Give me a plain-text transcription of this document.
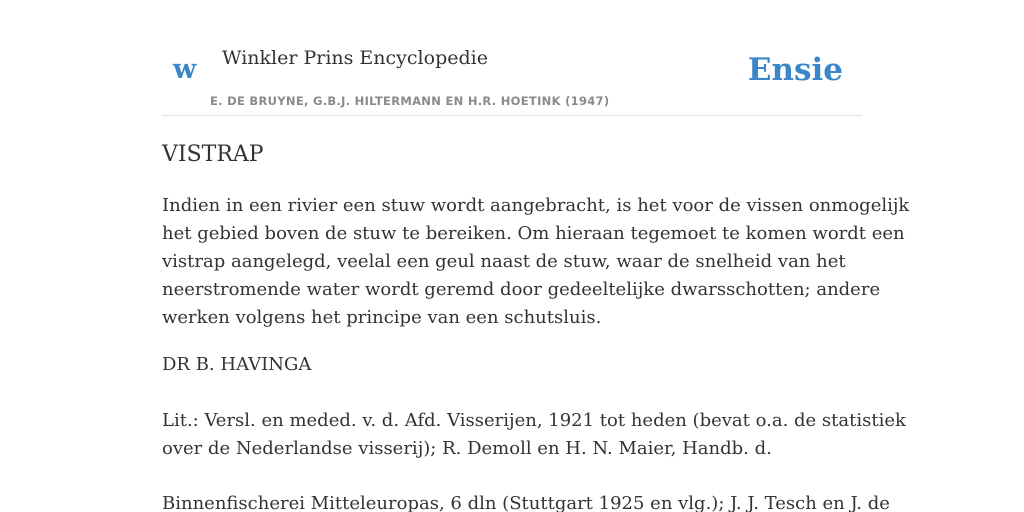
w Winkler Prins Encyclopedie
E. DE BRUYNE, G.B.J. HILTERMANN EN H.R. HOETINK (1947)
Ensie
VISTRAP

Indien in een rivier een stuw wordt aangebracht, is het voor de vissen onmogelijk
het gebied boven de stuw te bereiken. Om hieraan tegemoet te komen wordt een
vistrap aangelegd, veelal een geul naast de stuw, waar de snelheid van het
neerstromende water wordt geremd door gedeeltelijke dwarsschotten; andere
werken volgens het principe van een schutsluis.

DR B. HAVINGA

Lit.: Versl. en meded. v. d. Afd. Visserijen, 1921 tot heden (bevat o.a. de statistiek
over de Nederlandse visserij); R. Demoll en H. N. Maier, Handb. d.

Binnenfischerei Mitteleuropas, 6 dln (Stuttgart 1925 en vlg.); J. J. Tesch en J. de
